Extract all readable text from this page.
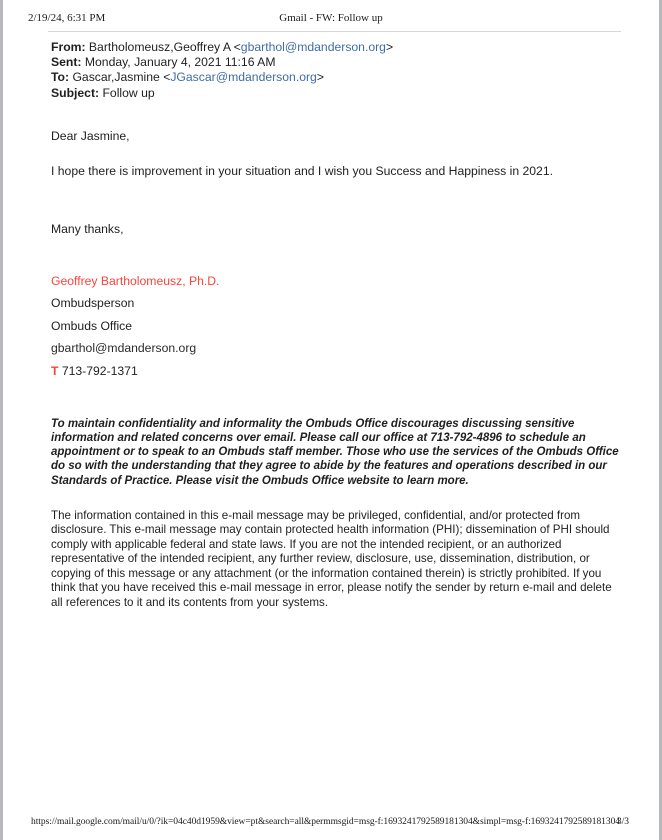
2/19/24, 6:31 PM	Gmail - FW: Follow up
From: Bartholomeusz,Geoffrey A <gbarthol@mdanderson.org>
Sent: Monday, January 4, 2021 11:16 AM
To: Gascar,Jasmine <JGascar@mdanderson.org>
Subject: Follow up

Dear Jasmine,

I hope there is improvement in your situation and I wish you Success and Happiness in 2021.

Many thanks,

Geoffrey Bartholomeusz, Ph.D.
Ombudsperson
Ombuds Office
gbarthol@mdanderson.org
T 713-792-1371
To maintain confidentiality and informality the Ombuds Office discourages discussing sensitive information and related concerns over email. Please call our office at 713-792-4896 to schedule an appointment or to speak to an Ombuds staff member. Those who use the services of the Ombuds Office do so with the understanding that they agree to abide by the features and operations described in our Standards of Practice. Please visit the Ombuds Office website to learn more.
The information contained in this e-mail message may be privileged, confidential, and/or protected from disclosure. This e-mail message may contain protected health information (PHI); dissemination of PHI should comply with applicable federal and state laws. If you are not the intended recipient, or an authorized representative of the intended recipient, any further review, disclosure, use, dissemination, distribution, or copying of this message or any attachment (or the information contained therein) is strictly prohibited. If you think that you have received this e-mail message in error, please notify the sender by return e-mail and delete all references to it and its contents from your systems.
https://mail.google.com/mail/u/0/?ik=04c40d1959&view=pt&search=all&permmsgid=msg-f:1693241792589181304&simpl=msg-f:1693241792589181304
3/3
